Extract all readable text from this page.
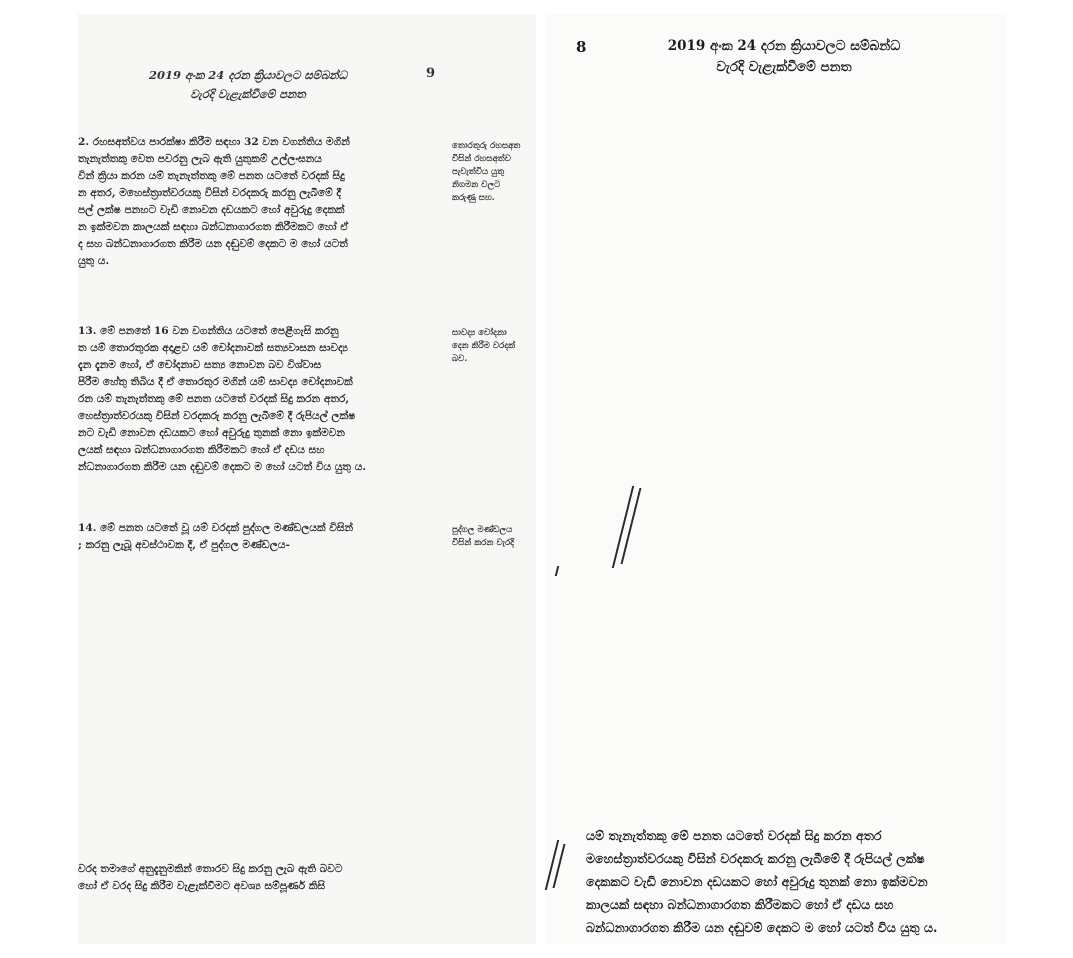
2019 අංක 24 දරන ක්‍රියාවලට සම්බන්ධ
වැරදි වැළැක්වීමේ පනත
9
2. රහසඅත්වය පාරක්ෂා කිරීම සඳහා 32 වන වගන්තිය මගින්
තැනැත්තකු වෙත පවරනු ලැබ ඇති යුතුකම් උල්ලංඝනය
වින් ක්‍රියා කරන යම් තැනැත්තකු මේ පනත යටතේ වරදක් සිදු
න අතර, මහෙස්ත්‍රාත්වරයකු විසින් වරදකරු කරනු ලැබීමේ දී
පල් ලක්ෂ පනහට වැඩි නොවන දඩයකට හෝ අවුරුදු දෙකක්
න ඉක්මවන කාලයක් සඳහා බන්ධනාගාරගත කිරීමකට හෝ ඒ
ද සහ බන්ධනාගාරගත කිරීම යන දඬුවම් දෙකට ම හෝ යටත්
යුතු ය.
තොරතුරු රහසඅත
විසින් රහසඅත්ව
පැවැත්විය යුතු
නිගමන වලට
කරුණු සහ.
13. මේ පනතේ 16 වන වගන්තිය යටතේ පෙළීගැසි කරනු
ත යම් තොරතුරක අදාළව යම් චෝදනාවක් සත්‍යවාසන සාවද්‍ය
දැන දැනම හෝ, ඒ චෝදනාව සත්‍ය නොවන බව විශ්වාස
පිරීම හේතු තිබිය දී ඒ තොරතුර මගින් යම් සාවද්‍ය චෝදනාවක්
රන යම් තැනැත්තකු මේ පනත යටතේ වරදක් සිදු කරන අතර,
හෙස්ත්‍රාත්වරයකු විසින් වරදකරු කරනු ලැබීමේ දී රුපියල් ලක්ෂ
නට වැඩි නොවන දඩයකට හෝ අවුරුදු තුනක් නො ඉක්මවන
ලයක් සඳහා බන්ධනාගාරගත කිරීමකට හෝ ඒ දඩය සහ
න්ධනාගාරගත කිරීම යන දඬුවම් දෙකට ම හෝ යටත් විය යුතු ය.
සාවද්‍ය චෝදනා
දෙන කිරීම වරදක්
බව.
14. මේ පනත යටතේ වූ යම් වරදක් පුද්ගල මණ්ඩලයක් විසින්
; කරනු ලැබූ අවස්ථාවක දී, ඒ පුද්ගල මණ්ඩලය-
පුද්ගල මණ්ඩලය
විසින් කරන වැරදි
වරද තමාගේ අනුදැනුමකින් තොරව සිදු කරනු ලැබ ඇති බවට
හෝ ඒ වරද සිදු කිරීම වැළැක්වීමට අවශ්‍ය සම්පූර්ණ කිසි
8	2019 අංක 24 දරන ක්‍රියාවලට සම්බන්ධ
වැරදි වැළැක්වීමේ පනත
යම් තැනැත්තකු මේ පනත යටතේ වරදක් සිදු කරන අතර
මහෙස්ත්‍රාත්වරයකු විසින් වරදකරු කරනු ලැබීමේ දී රුපියල් ලක්ෂ
දෙකකට වැඩි නොවන දඩයකට හෝ අවුරුදු තුනක් නො ඉක්මවන
කාලයක් සඳහා බන්ධනාගාරගත කිරීමකට හෝ ඒ දඩය සහ
බන්ධනාගාරගත කිරීම යන දඬුවම් දෙකට ම හෝ යටත් විය යුතු ය.
